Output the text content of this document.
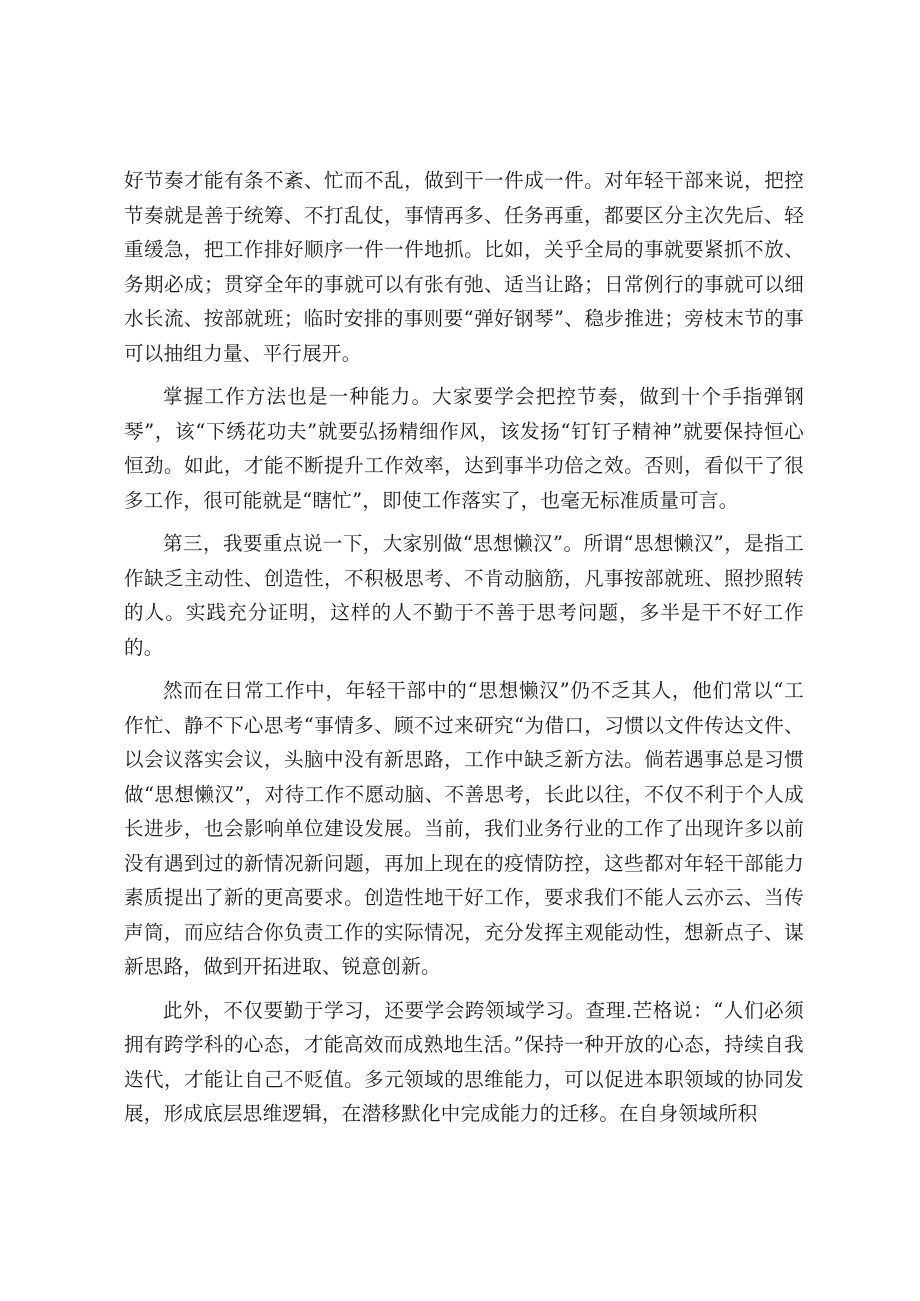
好节奏才能有条不紊、忙而不乱，做到干一件成一件。对年轻干部来说，把控节奏就是善于统筹、不打乱仗，事情再多、任务再重，都要区分主次先后、轻重缓急，把工作排好顺序一件一件地抓。比如，关乎全局的事就要紧抓不放、务期必成；贯穿全年的事就可以有张有弛、适当让路；日常例行的事就可以细水长流、按部就班；临时安排的事则要“弹好钢琴”、稳步推进；旁枝末节的事可以抽组力量、平行展开。

掌握工作方法也是一种能力。大家要学会把控节奏，做到十个手指弹钢琴”，该“下绣花功夫”就要弘扬精细作风，该发扬“钉钉子精神”就要保持恒心恒劲。如此，才能不断提升工作效率，达到事半功倍之效。否则，看似干了很多工作，很可能就是“瞎忙”，即使工作落实了，也毫无标准质量可言。

第三，我要重点说一下，大家别做“思想懒汉”。所谓“思想懒汉”，是指工作缺乏主动性、创造性，不积极思考、不肯动脑筋，凡事按部就班、照抄照转的人。实践充分证明，这样的人不勤于不善于思考问题，多半是干不好工作的。

然而在日常工作中，年轻干部中的“思想懒汉”仍不乏其人，他们常以“工作忙、静不下心思考“事情多、顾不过来研究“为借口，习惯以文件传达文件、以会议落实会议，头脑中没有新思路，工作中缺乏新方法。倘若遇事总是习惯做“思想懒汉”，对待工作不愿动脑、不善思考，长此以往，不仅不利于个人成长进步，也会影响单位建设发展。当前，我们业务行业的工作了出现许多以前没有遇到过的新情况新问题，再加上现在的疫情防控，这些都对年轻干部能力素质提出了新的更高要求。创造性地干好工作，要求我们不能人云亦云、当传声筒，而应结合你负责工作的实际情况，充分发挥主观能动性，想新点子、谋新思路，做到开拓进取、锐意创新。

此外，不仅要勤于学习，还要学会跨领域学习。查理.芒格说：“人们必须拥有跨学科的心态，才能高效而成熟地生活。”保持一种开放的心态，持续自我迭代，才能让自己不贬值。多元领域的思维能力，可以促进本职领域的协同发展，形成底层思维逻辑，在潜移默化中完成能力的迁移。在自身领域所积
